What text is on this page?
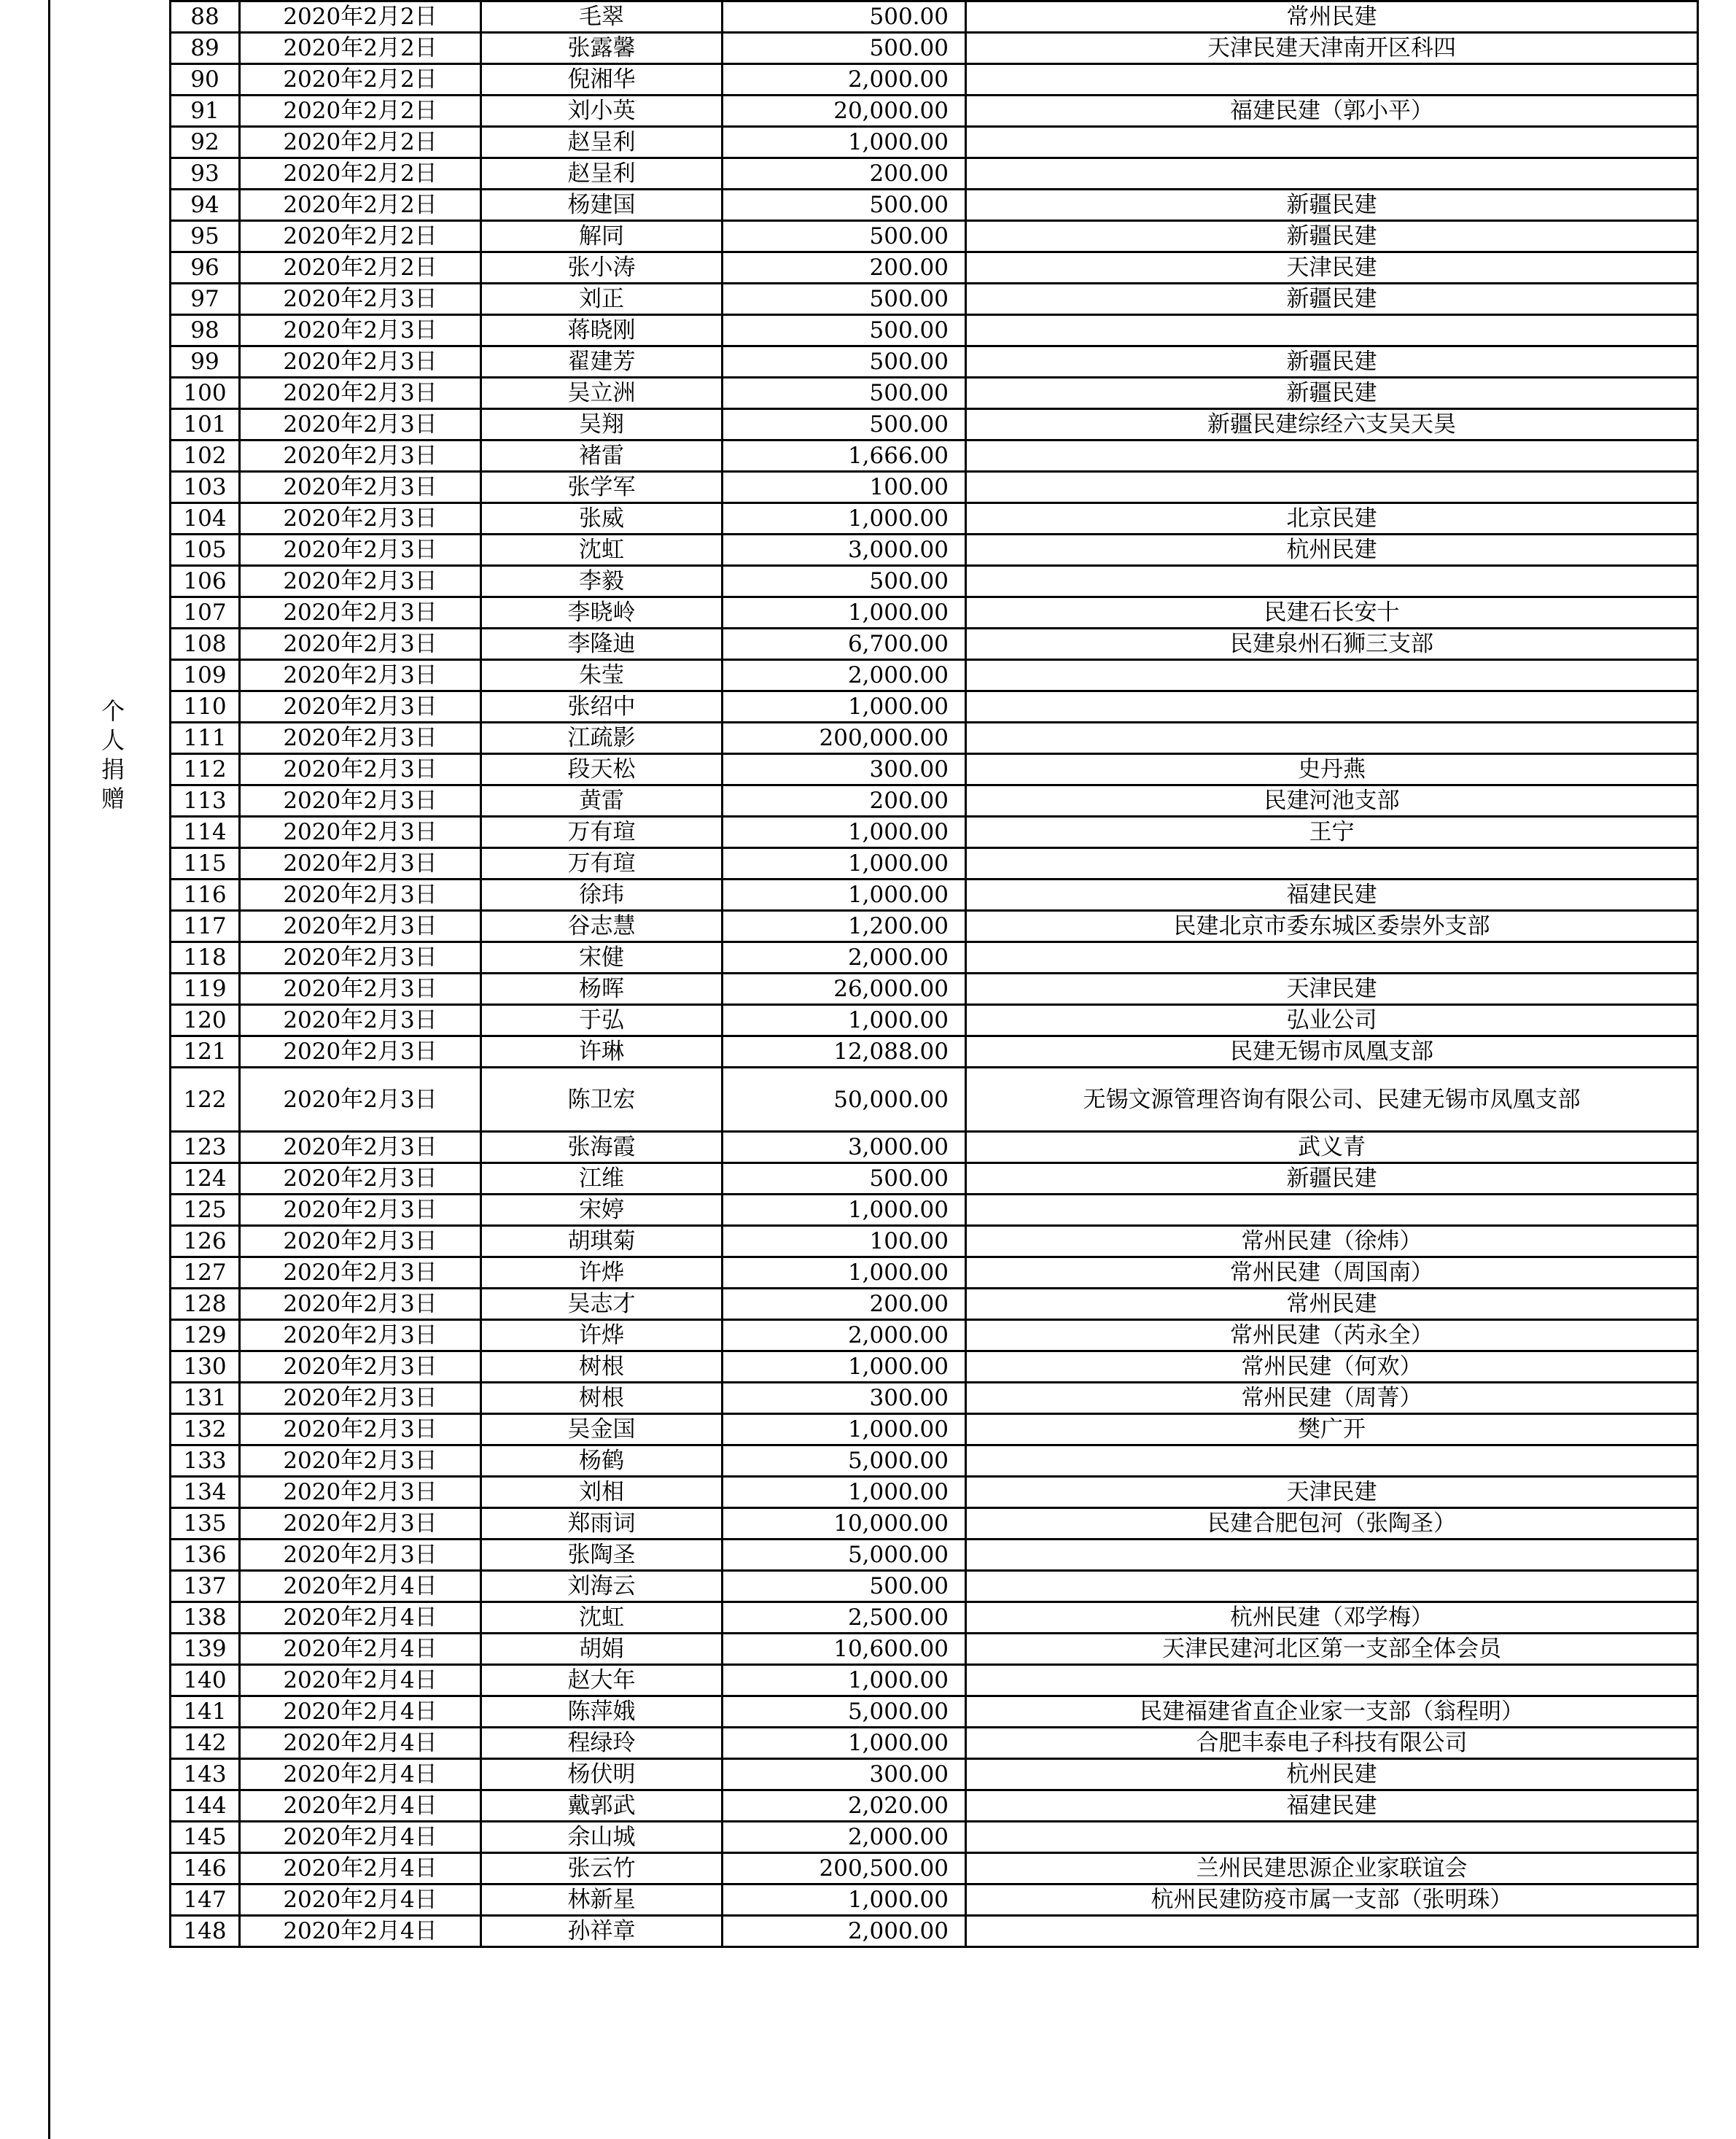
个
人
捐
赠
88	2020年2月2日	毛翠	500.00	常州民建
89	2020年2月2日	张露馨	500.00	天津民建天津南开区科四
90	2020年2月2日	倪湘华	2,000.00	
91	2020年2月2日	刘小英	20,000.00	福建民建（郭小平）
92	2020年2月2日	赵呈利	1,000.00	
93	2020年2月2日	赵呈利	200.00	
94	2020年2月2日	杨建国	500.00	新疆民建
95	2020年2月2日	解同	500.00	新疆民建
96	2020年2月2日	张小涛	200.00	天津民建
97	2020年2月3日	刘正	500.00	新疆民建
98	2020年2月3日	蒋晓刚	500.00	
99	2020年2月3日	翟建芳	500.00	新疆民建
100	2020年2月3日	吴立洲	500.00	新疆民建
101	2020年2月3日	吴翔	500.00	新疆民建综经六支吴天昊
102	2020年2月3日	褚雷	1,666.00	
103	2020年2月3日	张学军	100.00	
104	2020年2月3日	张威	1,000.00	北京民建
105	2020年2月3日	沈虹	3,000.00	杭州民建
106	2020年2月3日	李毅	500.00	
107	2020年2月3日	李晓岭	1,000.00	民建石长安十
108	2020年2月3日	李隆迪	6,700.00	民建泉州石狮三支部
109	2020年2月3日	朱莹	2,000.00	
110	2020年2月3日	张绍中	1,000.00	
111	2020年2月3日	江疏影	200,000.00	
112	2020年2月3日	段天松	300.00	史丹燕
113	2020年2月3日	黄雷	200.00	民建河池支部
114	2020年2月3日	万有瑄	1,000.00	王宁
115	2020年2月3日	万有瑄	1,000.00	
116	2020年2月3日	徐玮	1,000.00	福建民建
117	2020年2月3日	谷志慧	1,200.00	民建北京市委东城区委崇外支部
118	2020年2月3日	宋健	2,000.00	
119	2020年2月3日	杨晖	26,000.00	天津民建
120	2020年2月3日	于弘	1,000.00	弘业公司
121	2020年2月3日	许琳	12,088.00	民建无锡市凤凰支部
122	2020年2月3日	陈卫宏	50,000.00	无锡文源管理咨询有限公司、民建无锡市凤凰支部
123	2020年2月3日	张海霞	3,000.00	武义青
124	2020年2月3日	江维	500.00	新疆民建
125	2020年2月3日	宋婷	1,000.00	
126	2020年2月3日	胡琪菊	100.00	常州民建（徐炜）
127	2020年2月3日	许烨	1,000.00	常州民建（周国南）
128	2020年2月3日	吴志才	200.00	常州民建
129	2020年2月3日	许烨	2,000.00	常州民建（芮永全）
130	2020年2月3日	树根	1,000.00	常州民建（何欢）
131	2020年2月3日	树根	300.00	常州民建（周菁）
132	2020年2月3日	吴金国	1,000.00	樊广开
133	2020年2月3日	杨鹤	5,000.00	
134	2020年2月3日	刘相	1,000.00	天津民建
135	2020年2月3日	郑雨词	10,000.00	民建合肥包河（张陶圣）
136	2020年2月3日	张陶圣	5,000.00	
137	2020年2月4日	刘海云	500.00	
138	2020年2月4日	沈虹	2,500.00	杭州民建（邓学梅）
139	2020年2月4日	胡娟	10,600.00	天津民建河北区第一支部全体会员
140	2020年2月4日	赵大年	1,000.00	
141	2020年2月4日	陈萍娥	5,000.00	民建福建省直企业家一支部（翁程明）
142	2020年2月4日	程绿玲	1,000.00	合肥丰泰电子科技有限公司
143	2020年2月4日	杨伏明	300.00	杭州民建
144	2020年2月4日	戴郭武	2,020.00	福建民建
145	2020年2月4日	余山城	2,000.00	
146	2020年2月4日	张云竹	200,500.00	兰州民建思源企业家联谊会
147	2020年2月4日	林新星	1,000.00	杭州民建防疫市属一支部（张明珠）
148	2020年2月4日	孙祥章	2,000.00	
